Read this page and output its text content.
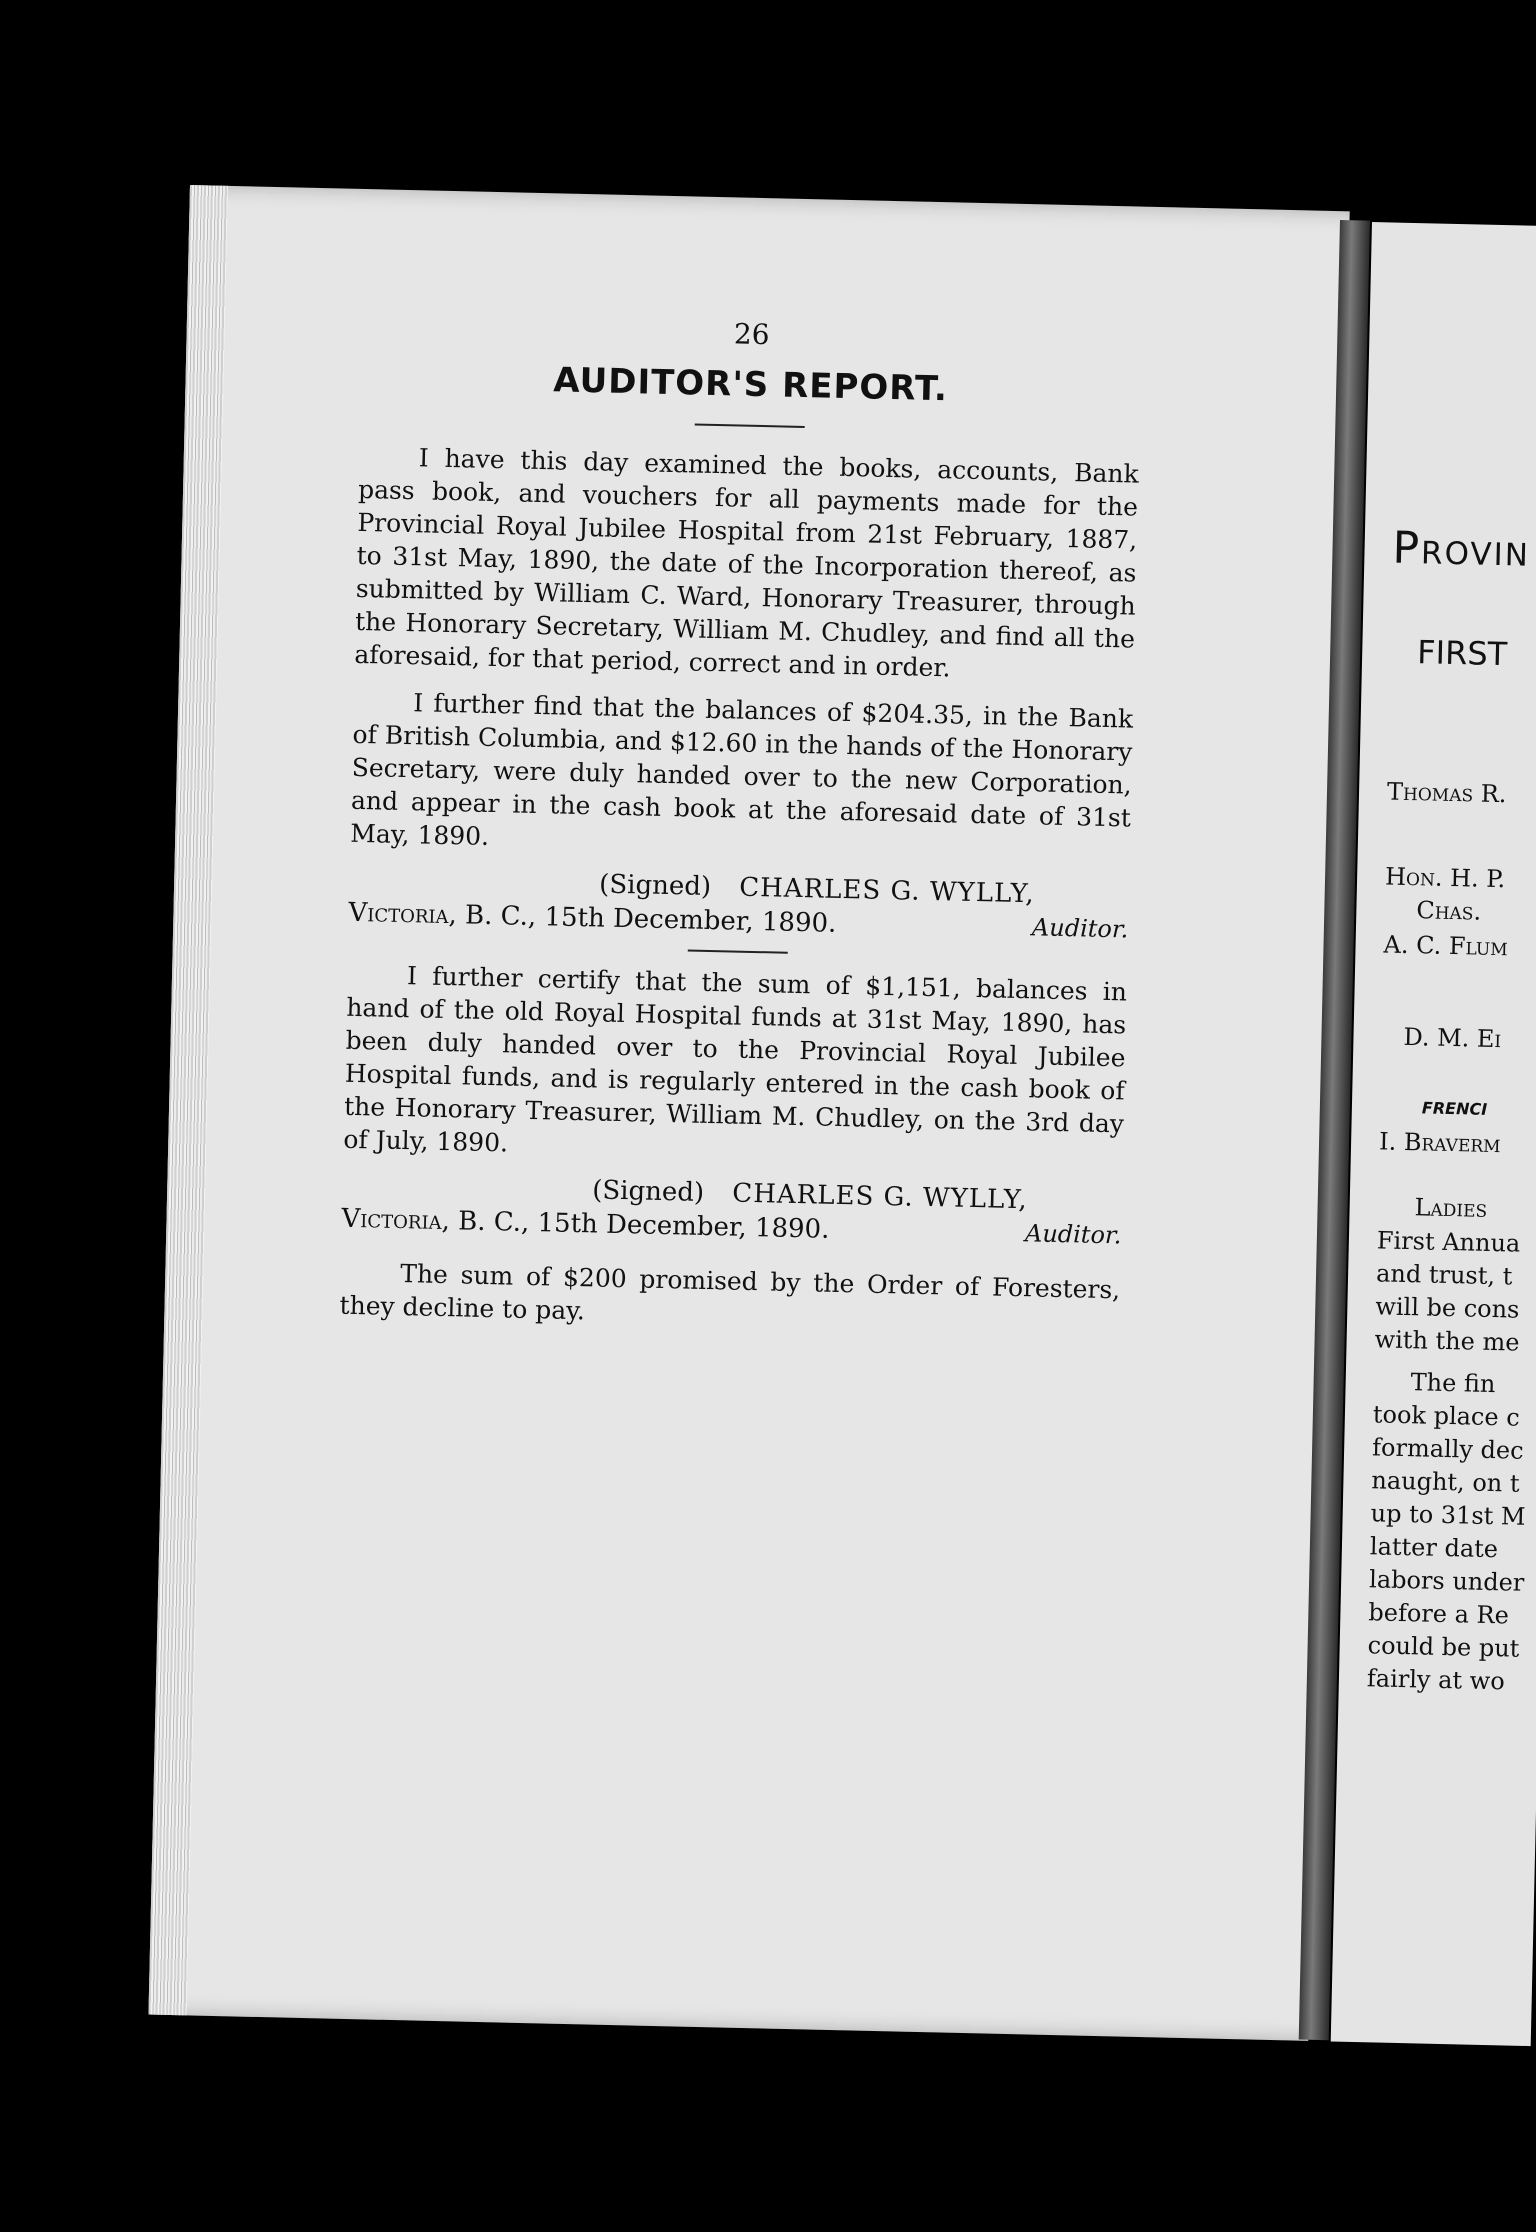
26
AUDITOR'S REPORT.

I have this day examined the books, accounts, Bank pass book, and vouchers for all payments made for the Provincial Royal Jubilee Hospital from 21st February, 1887, to 31st May, 1890, the date of the Incorporation thereof, as submitted by William C. Ward, Honorary Treasurer, through the Honorary Secretary, William M. Chudley, and find all the aforesaid, for that period, correct and in order.

I further find that the balances of $204.35, in the Bank of British Columbia, and $12.60 in the hands of the Honorary Secretary, were duly handed over to the new Corporation, and appear in the cash book at the aforesaid date of 31st May, 1890.

(Signed) CHARLES G. WYLLY,
Victoria, B. C., 15th December, 1890.	Auditor.

I further certify that the sum of $1,151, balances in hand of the old Royal Hospital funds at 31st May, 1890, has been duly handed over to the Provincial Royal Jubilee Hospital funds, and is regularly entered in the cash book of the Honorary Treasurer, William M. Chudley, on the 3rd day of July, 1890.

(Signed) CHARLES G. WYLLY,
Victoria, B. C., 15th December, 1890.	Auditor.

The sum of $200 promised by the Order of Foresters, they decline to pay.

Provin
FIRST
Thomas R.
Hon. H. P.
Chas.
A. C. Flum
D. M. Ei
FRENCI
I. Braverm
Ladies
First Annua
and trust, t
will be cons
with the me
The fin
took place c
formally dec
naught, on t
up to 31st M
latter date
labors under
before a Re
could be put
fairly at wo
